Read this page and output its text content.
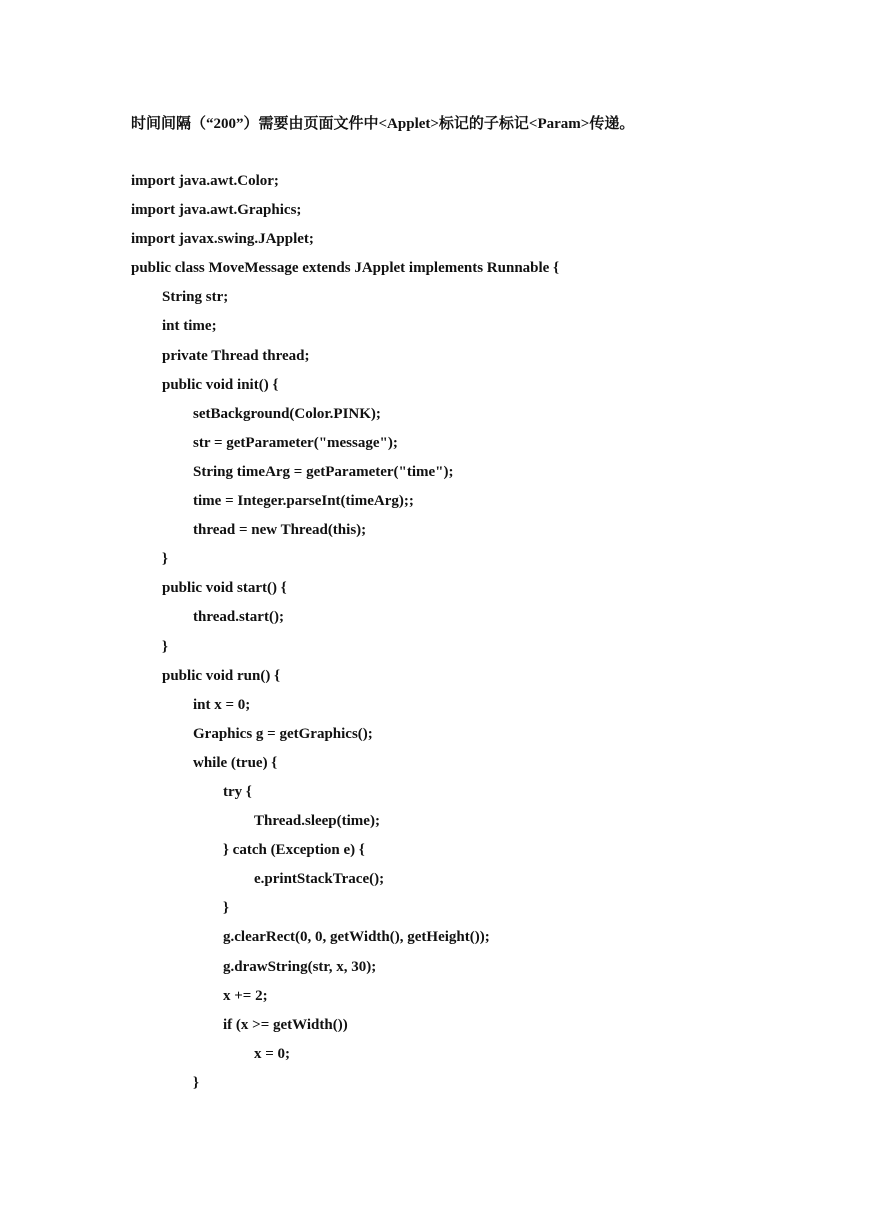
时间间隔（“200”）需要由页面文件中<Applet>标记的子标记<Param>传递。
import java.awt.Color;
import java.awt.Graphics;
import javax.swing.JApplet;
public class MoveMessage extends JApplet implements Runnable {
String str;
int time;
private Thread thread;
public void init() {
setBackground(Color.PINK);
str = getParameter("message");
String timeArg = getParameter("time");
time = Integer.parseInt(timeArg);;
thread = new Thread(this);
}
public void start() {
thread.start();
}
public void run() {
int x = 0;
Graphics g = getGraphics();
while (true) {
try {
Thread.sleep(time);
} catch (Exception e) {
e.printStackTrace();
}
g.clearRect(0, 0, getWidth(), getHeight());
g.drawString(str, x, 30);
x += 2;
if (x >= getWidth())
x = 0;
}
